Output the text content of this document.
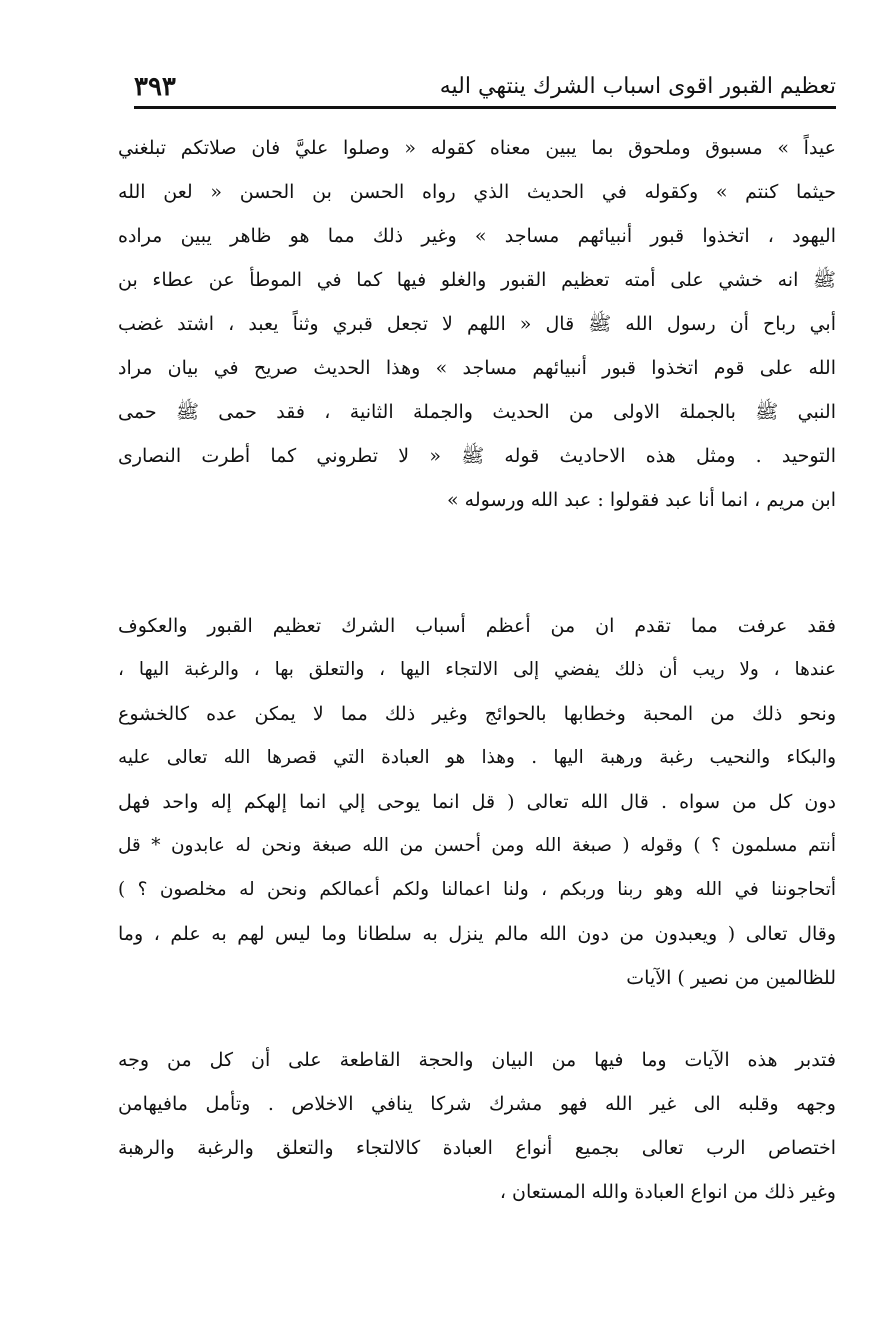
تعظيم القبور اقوى اسباب الشرك ينتهي اليه
٣٩٣
عيداً » مسبوق وملحوق بما يبين معناه كقوله « وصلوا عليَّ فان صلاتكم تبلغني
حيثما كنتم » وكقوله في الحديث الذي رواه الحسن بن الحسن « لعن الله
اليهود ، اتخذوا قبور أنبيائهم مساجد » وغير ذلك مما هو ظاهر يبين مراده
ﷺ انه خشي على أمته تعظيم القبور والغلو فيها كما في الموطأ عن عطاء بن
أبي رباح أن رسول الله ﷺ قال « اللهم لا تجعل قبري وثناً يعبد ، اشتد غضب
الله على قوم اتخذوا قبور أنبيائهم مساجد » وهذا الحديث صريح في بيان مراد
النبي ﷺ بالجملة الاولى من الحديث والجملة الثانية ، فقد حمى ﷺ حمى
التوحيد . ومثل هذه الاحاديث قوله ﷺ « لا تطروني كما أطرت النصارى
ابن مريم ، انما أنا عبد فقولوا : عبد الله ورسوله »
فقد عرفت مما تقدم ان من أعظم أسباب الشرك تعظيم القبور والعكوف
عندها ، ولا ريب أن ذلك يفضي إلى الالتجاء اليها ، والتعلق بها ، والرغبة اليها ،
ونحو ذلك من المحبة وخطابها بالحوائج وغير ذلك مما لا يمكن عده كالخشوع
والبكاء والنحيب رغبة ورهبة اليها . وهذا هو العبادة التي قصرها الله تعالى عليه
دون كل من سواه . قال الله تعالى ( قل انما يوحى إلي انما إلهكم إله واحد فهل
أنتم مسلمون ؟ ) وقوله ( صبغة الله ومن أحسن من الله صبغة ونحن له عابدون * قل
أتحاجوننا في الله وهو ربنا وربكم ، ولنا اعمالنا ولكم أعمالكم ونحن له مخلصون ؟ )
وقال تعالى ( ويعبدون من دون الله مالم ينزل به سلطانا وما ليس لهم به علم ، وما
للظالمين من نصير ) الآيات
فتدبر هذه الآيات وما فيها من البيان والحجة القاطعة على أن كل من وجه
وجهه وقلبه الى غير الله فهو مشرك شركا ينافي الاخلاص . وتأمل مافيهامن
اختصاص الرب تعالى بجميع أنواع العبادة كالالتجاء والتعلق والرغبة والرهبة
وغير ذلك من انواع العبادة والله المستعان ،
